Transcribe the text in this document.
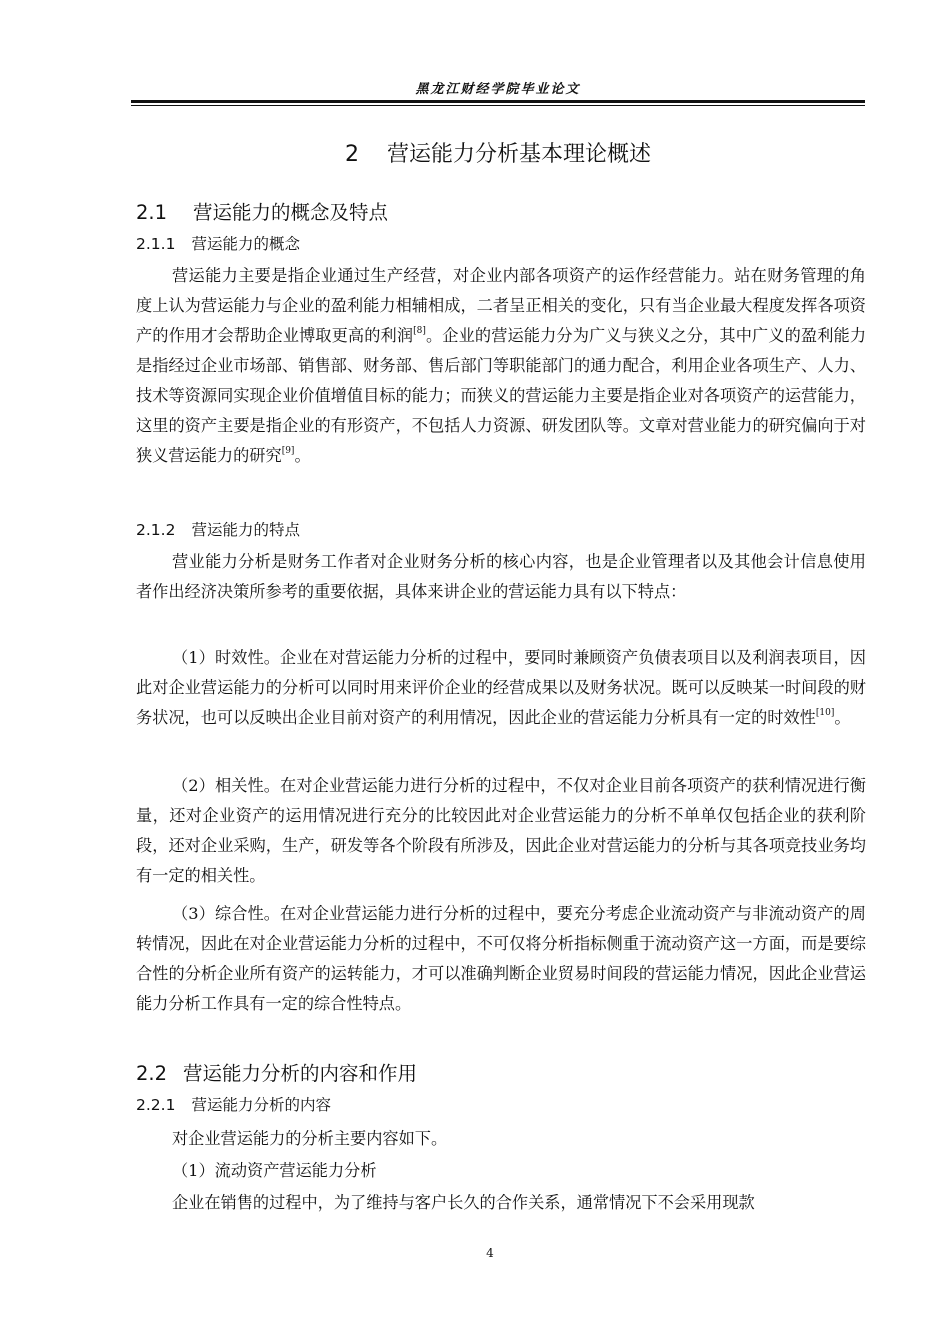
黑龙江财经学院毕业论文
2 营运能力分析基本理论概述
2.1 营运能力的概念及特点
2.1.1 营运能力的概念

营运能力主要是指企业通过生产经营，对企业内部各项资产的运作经营能力。站在财务管理的角度上认为营运能力与企业的盈利能力相辅相成，二者呈正相关的变化，只有当企业最大程度发挥各项资产的作用才会帮助企业博取更高的利润[8]。企业的营运能力分为广义与狭义之分，其中广义的盈利能力是指经过企业市场部、销售部、财务部、售后部门等职能部门的通力配合，利用企业各项生产、人力、技术等资源同实现企业价值增值目标的能力；而狭义的营运能力主要是指企业对各项资产的运营能力，这里的资产主要是指企业的有形资产，不包括人力资源、研发团队等。文章对营业能力的研究偏向于对狭义营运能力的研究[9]。

2.1.2 营运能力的特点

营业能力分析是财务工作者对企业财务分析的核心内容，也是企业管理者以及其他会计信息使用者作出经济决策所参考的重要依据，具体来讲企业的营运能力具有以下特点：

（1）时效性。企业在对营运能力分析的过程中，要同时兼顾资产负债表项目以及利润表项目，因此对企业营运能力的分析可以同时用来评价企业的经营成果以及财务状况。既可以反映某一时间段的财务状况，也可以反映出企业目前对资产的利用情况，因此企业的营运能力分析具有一定的时效性[10]。

（2）相关性。在对企业营运能力进行分析的过程中，不仅对企业目前各项资产的获利情况进行衡量，还对企业资产的运用情况进行充分的比较因此对企业营运能力的分析不单单仅包括企业的获利阶段，还对企业采购，生产，研发等各个阶段有所涉及，因此企业对营运能力的分析与其各项竞技业务均有一定的相关性。

（3）综合性。在对企业营运能力进行分析的过程中，要充分考虑企业流动资产与非流动资产的周转情况，因此在对企业营运能力分析的过程中，不可仅将分析指标侧重于流动资产这一方面，而是要综合性的分析企业所有资产的运转能力，才可以准确判断企业贸易时间段的营运能力情况，因此企业营运能力分析工作具有一定的综合性特点。

2.2 营运能力分析的内容和作用
2.2.1 营运能力分析的内容

对企业营运能力的分析主要内容如下。

（1）流动资产营运能力分析

企业在销售的过程中，为了维持与客户长久的合作关系，通常情况下不会采用现款

4
